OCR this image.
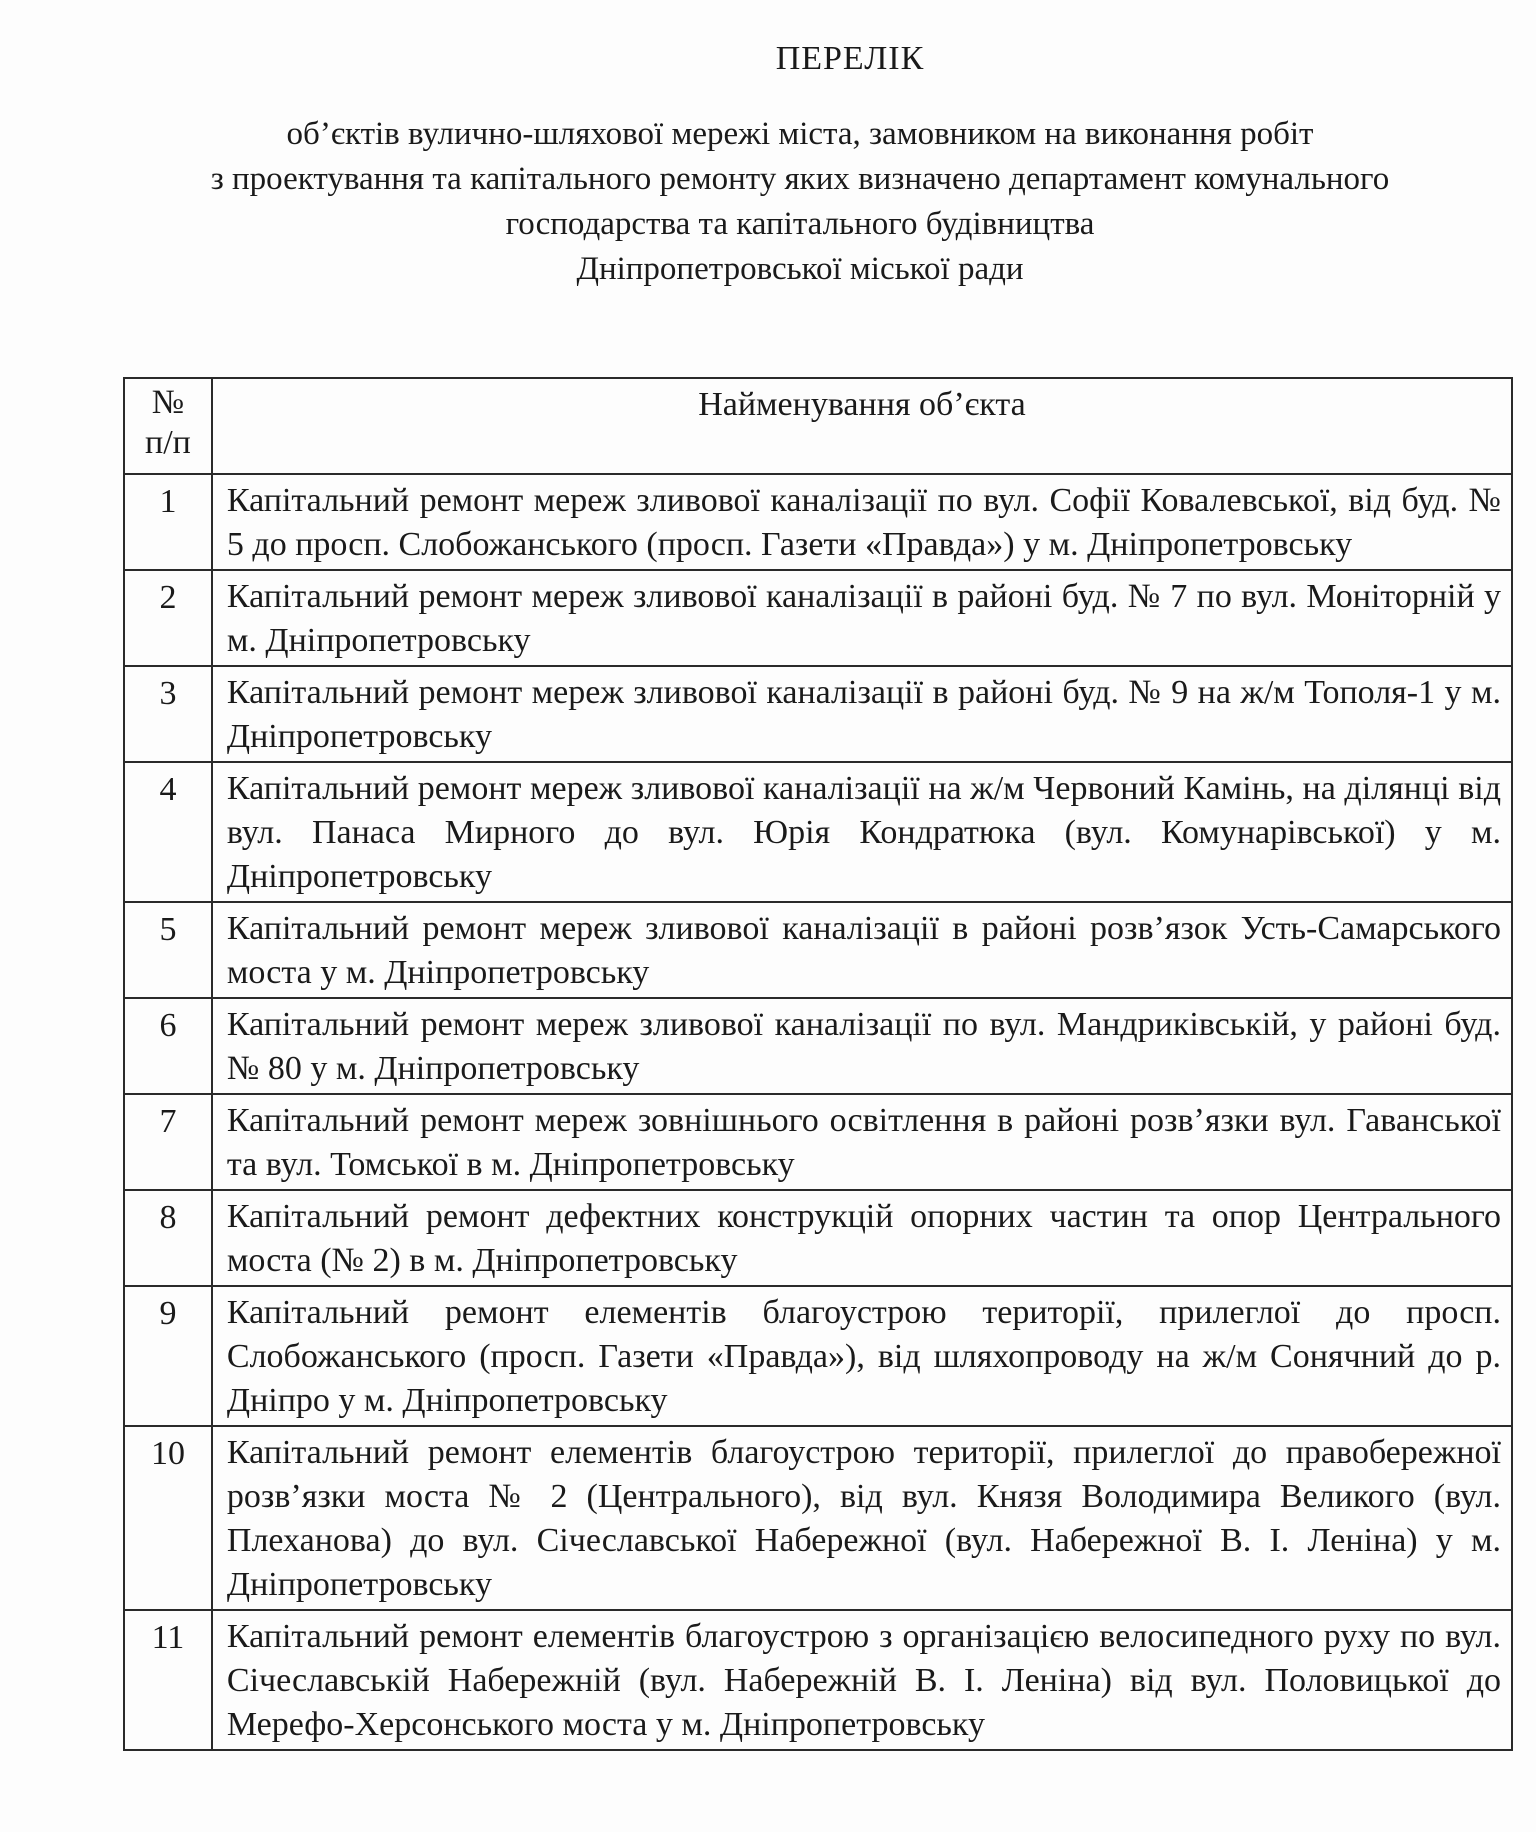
ПЕРЕЛІК

об’єктів вулично-шляхової мережі міста, замовником на виконання робіт
з проектування та капітального ремонту яких визначено департамент комунального
господарства та капітального будівництва
Дніпропетровської міської ради

№
п/п	Найменування об’єкта
1	Капітальний ремонт мереж зливової каналізації по вул. Софії Ковалевської, від буд. № 5 до просп. Слобожанського (просп. Газети «Правда») у м. Дніпропетровську
2	Капітальний ремонт мереж зливової каналізації в районі буд. № 7 по вул. Моніторній у м. Дніпропетровську
3	Капітальний ремонт мереж зливової каналізації в районі буд. № 9 на ж/м Тополя-1 у м. Дніпропетровську
4	Капітальний ремонт мереж зливової каналізації на ж/м Червоний Камінь, на ділянці від вул. Панаса Мирного до вул. Юрія Кондратюка (вул. Комунарівської) у м. Дніпропетровську
5	Капітальний ремонт мереж зливової каналізації в районі розв’язок Усть-Самарського моста у м. Дніпропетровську
6	Капітальний ремонт мереж зливової каналізації по вул. Мандриківській, у районі буд. № 80 у м. Дніпропетровську
7	Капітальний ремонт мереж зовнішнього освітлення в районі розв’язки вул. Гаванської та вул. Томської в м. Дніпропетровську
8	Капітальний ремонт дефектних конструкцій опорних частин та опор Центрального моста (№ 2) в м. Дніпропетровську
9	Капітальний ремонт елементів благоустрою території, прилеглої до просп. Слобожанського (просп. Газети «Правда»), від шляхопроводу на ж/м Сонячний до р. Дніпро у м. Дніпропетровську
10	Капітальний ремонт елементів благоустрою території, прилеглої до правобережної розв’язки моста № 2 (Центрального), від вул. Князя Володимира Великого (вул. Плеханова) до вул. Січеславської Набережної (вул. Набережної В. І. Леніна) у м. Дніпропетровську
11	Капітальний ремонт елементів благоустрою з організацією велосипедного руху по вул. Січеславській Набережній (вул. Набережній В. І. Леніна) від вул. Половицької до Мерефо-Херсонського моста у м. Дніпропетровську
